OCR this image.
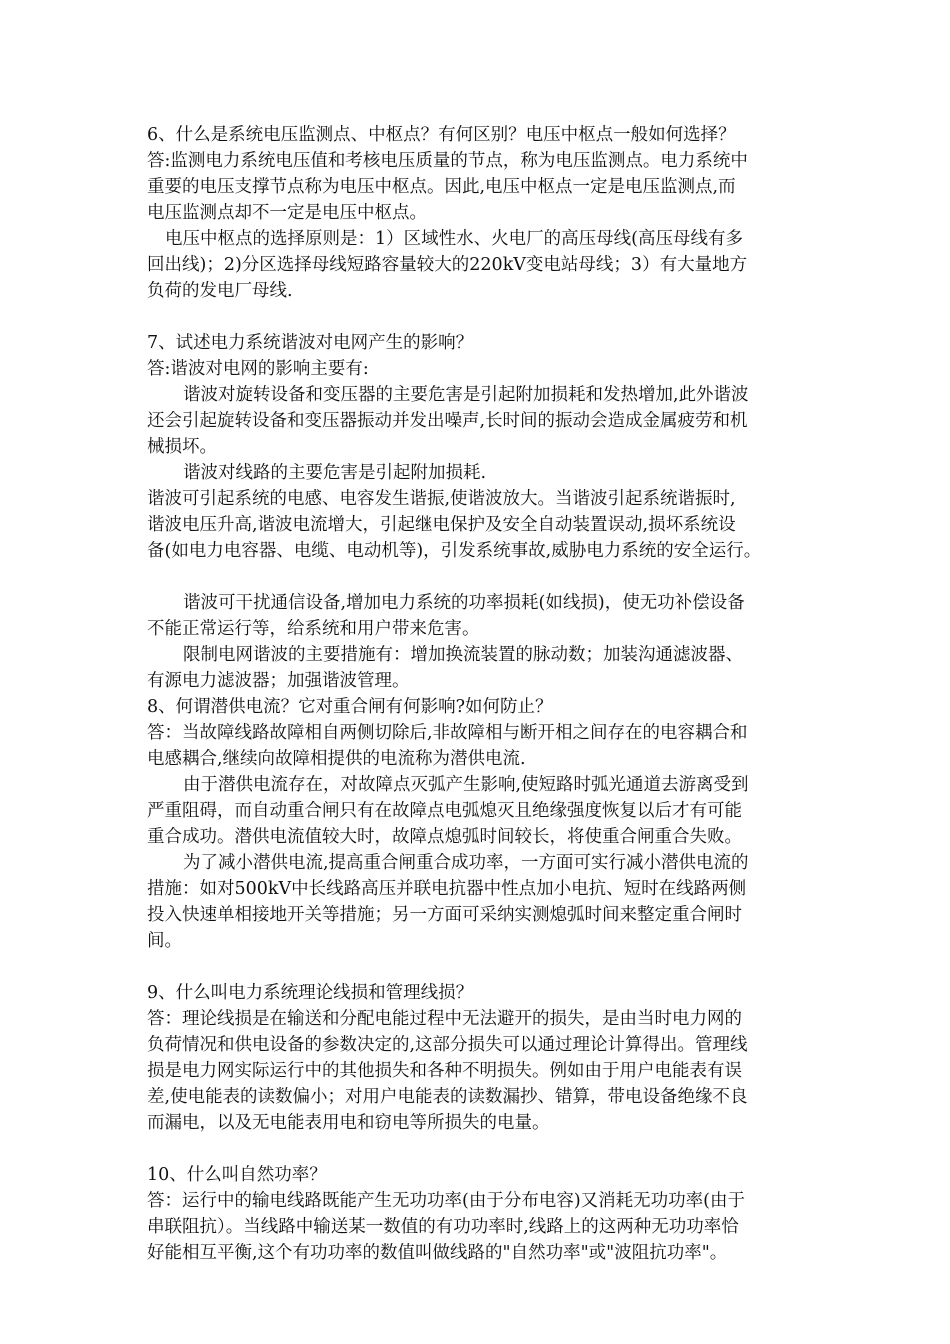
6、什么是系统电压监测点、中枢点？有何区别？电压中枢点一般如何选择？
答:监测电力系统电压值和考核电压质量的节点，称为电压监测点。电力系统中
重要的电压支撑节点称为电压中枢点。因此,电压中枢点一定是电压监测点,而
电压监测点却不一定是电压中枢点。
电压中枢点的选择原则是：1）区域性水、火电厂的高压母线(高压母线有多
回出线)；2)分区选择母线短路容量较大的220kV变电站母线；3）有大量地方
负荷的发电厂母线.
7、试述电力系统谐波对电网产生的影响？
答:谐波对电网的影响主要有:
谐波对旋转设备和变压器的主要危害是引起附加损耗和发热增加,此外谐波
还会引起旋转设备和变压器振动并发出噪声,长时间的振动会造成金属疲劳和机
械损坏。
谐波对线路的主要危害是引起附加损耗.
谐波可引起系统的电感、电容发生谐振,使谐波放大。当谐波引起系统谐振时,
谐波电压升高,谐波电流增大，引起继电保护及安全自动装置误动,损坏系统设
备(如电力电容器、电缆、电动机等)，引发系统事故,威胁电力系统的安全运行。
谐波可干扰通信设备,增加电力系统的功率损耗(如线损)，使无功补偿设备
不能正常运行等，给系统和用户带来危害。
限制电网谐波的主要措施有：增加换流装置的脉动数；加装沟通滤波器、
有源电力滤波器；加强谐波管理。
8、何谓潜供电流？它对重合闸有何影响?如何防止？
答：当故障线路故障相自两侧切除后,非故障相与断开相之间存在的电容耦合和
电感耦合,继续向故障相提供的电流称为潜供电流.
由于潜供电流存在，对故障点灭弧产生影响,使短路时弧光通道去游离受到
严重阻碍，而自动重合闸只有在故障点电弧熄灭且绝缘强度恢复以后才有可能
重合成功。潜供电流值较大时，故障点熄弧时间较长，将使重合闸重合失败。
为了减小潜供电流,提高重合闸重合成功率，一方面可实行减小潜供电流的
措施：如对500kV中长线路高压并联电抗器中性点加小电抗、短时在线路两侧
投入快速单相接地开关等措施；另一方面可采纳实测熄弧时间来整定重合闸时
间。
9、什么叫电力系统理论线损和管理线损？
答：理论线损是在输送和分配电能过程中无法避开的损失，是由当时电力网的
负荷情况和供电设备的参数决定的,这部分损失可以通过理论计算得出。管理线
损是电力网实际运行中的其他损失和各种不明损失。例如由于用户电能表有误
差,使电能表的读数偏小；对用户电能表的读数漏抄、错算，带电设备绝缘不良
而漏电，以及无电能表用电和窃电等所损失的电量。
10、什么叫自然功率？
答：运行中的输电线路既能产生无功功率(由于分布电容)又消耗无功功率(由于
串联阻抗）。当线路中输送某一数值的有功功率时,线路上的这两种无功功率恰
好能相互平衡,这个有功功率的数值叫做线路的"自然功率"或"波阻抗功率"。
